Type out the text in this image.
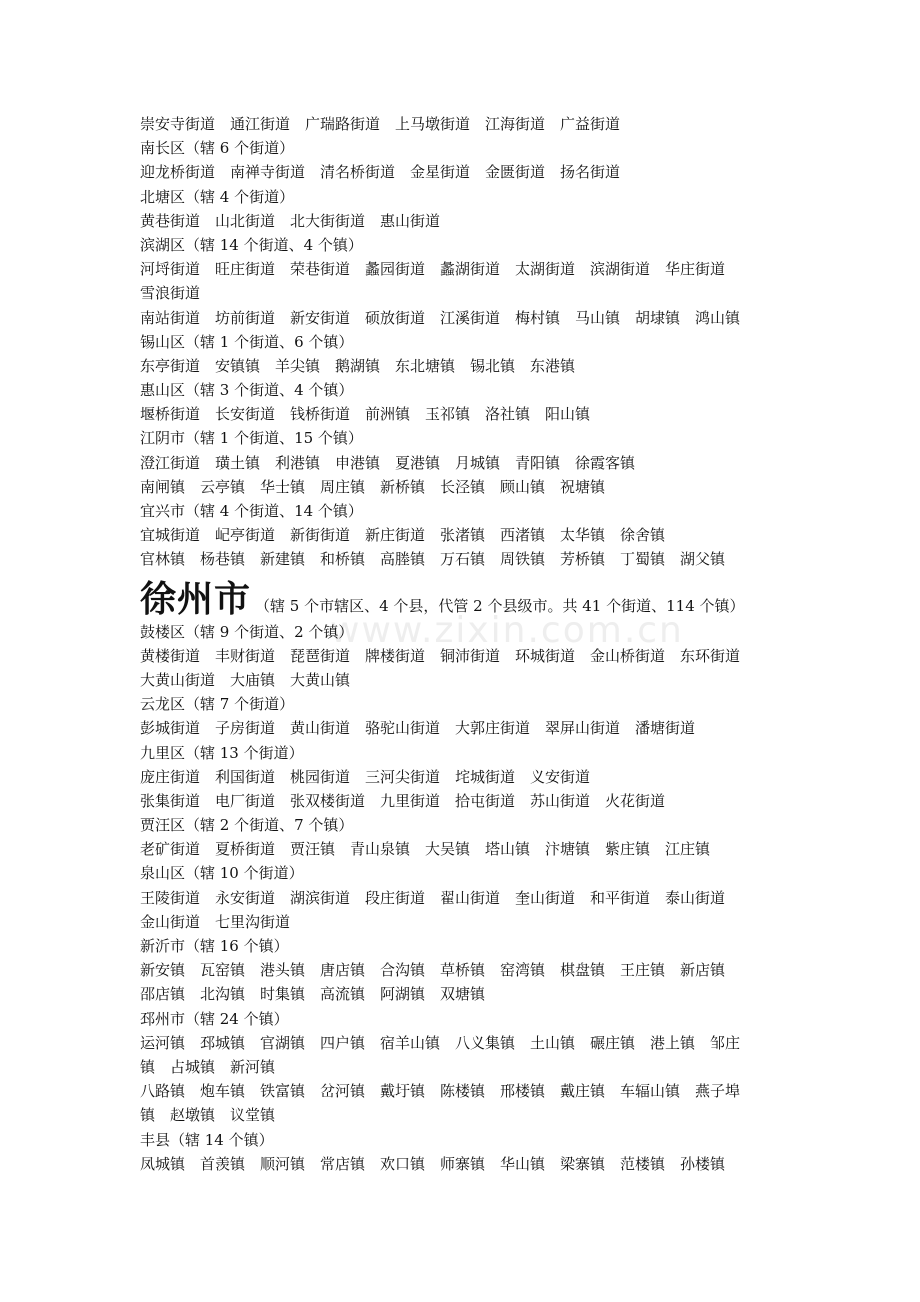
www.zixin.com.cn
崇安寺街道　通江街道　广瑞路街道　上马墩街道　江海街道　广益街道
南长区（辖 6 个街道）
迎龙桥街道　南禅寺街道　清名桥街道　金星街道　金匮街道　扬名街道
北塘区（辖 4 个街道）
黄巷街道　山北街道　北大街街道　惠山街道
滨湖区（辖 14 个街道、4 个镇）
河埒街道　旺庄街道　荣巷街道　蠡园街道　蠡湖街道　太湖街道　滨湖街道　华庄街道
雪浪街道
南站街道　坊前街道　新安街道　硕放街道　江溪街道　梅村镇　马山镇　胡埭镇　鸿山镇
锡山区（辖 1 个街道、6 个镇）
东亭街道　安镇镇　羊尖镇　鹅湖镇　东北塘镇　锡北镇　东港镇
惠山区（辖 3 个街道、4 个镇）
堰桥街道　长安街道　钱桥街道　前洲镇　玉祁镇　洛社镇　阳山镇
江阴市（辖 1 个街道、15 个镇）
澄江街道　璜土镇　利港镇　申港镇　夏港镇　月城镇　青阳镇　徐霞客镇
南闸镇　云亭镇　华士镇　周庄镇　新桥镇　长泾镇　顾山镇　祝塘镇
宜兴市（辖 4 个街道、14 个镇）
宜城街道　屺亭街道　新街街道　新庄街道　张渚镇　西渚镇　太华镇　徐舍镇
官林镇　杨巷镇　新建镇　和桥镇　高塍镇　万石镇　周铁镇　芳桥镇　丁蜀镇　湖父镇
徐州市 （辖 5 个市辖区、4 个县，代管 2 个县级市。共 41 个街道、114 个镇）
鼓楼区（辖 9 个街道、2 个镇）
黄楼街道　丰财街道　琵琶街道　牌楼街道　铜沛街道　环城街道　金山桥街道　东环街道
大黄山街道　大庙镇　大黄山镇
云龙区（辖 7 个街道）
彭城街道　子房街道　黄山街道　骆驼山街道　大郭庄街道　翠屏山街道　潘塘街道
九里区（辖 13 个街道）
庞庄街道　利国街道　桃园街道　三河尖街道　垞城街道　义安街道
张集街道　电厂街道　张双楼街道　九里街道　拾屯街道　苏山街道　火花街道
贾汪区（辖 2 个街道、7 个镇）
老矿街道　夏桥街道　贾汪镇　青山泉镇　大吴镇　塔山镇　汴塘镇　紫庄镇　江庄镇
泉山区（辖 10 个街道）
王陵街道　永安街道　湖滨街道　段庄街道　翟山街道　奎山街道　和平街道　泰山街道
金山街道　七里沟街道
新沂市（辖 16 个镇）
新安镇　瓦窑镇　港头镇　唐店镇　合沟镇　草桥镇　窑湾镇　棋盘镇　王庄镇　新店镇
邵店镇　北沟镇　时集镇　高流镇　阿湖镇　双塘镇
邳州市（辖 24 个镇）
运河镇　邳城镇　官湖镇　四户镇　宿羊山镇　八义集镇　土山镇　碾庄镇　港上镇　邹庄
镇　占城镇　新河镇
八路镇　炮车镇　铁富镇　岔河镇　戴圩镇　陈楼镇　邢楼镇　戴庄镇　车辐山镇　燕子埠
镇　赵墩镇　议堂镇
丰县（辖 14 个镇）
凤城镇　首羡镇　顺河镇　常店镇　欢口镇　师寨镇　华山镇　梁寨镇　范楼镇　孙楼镇
